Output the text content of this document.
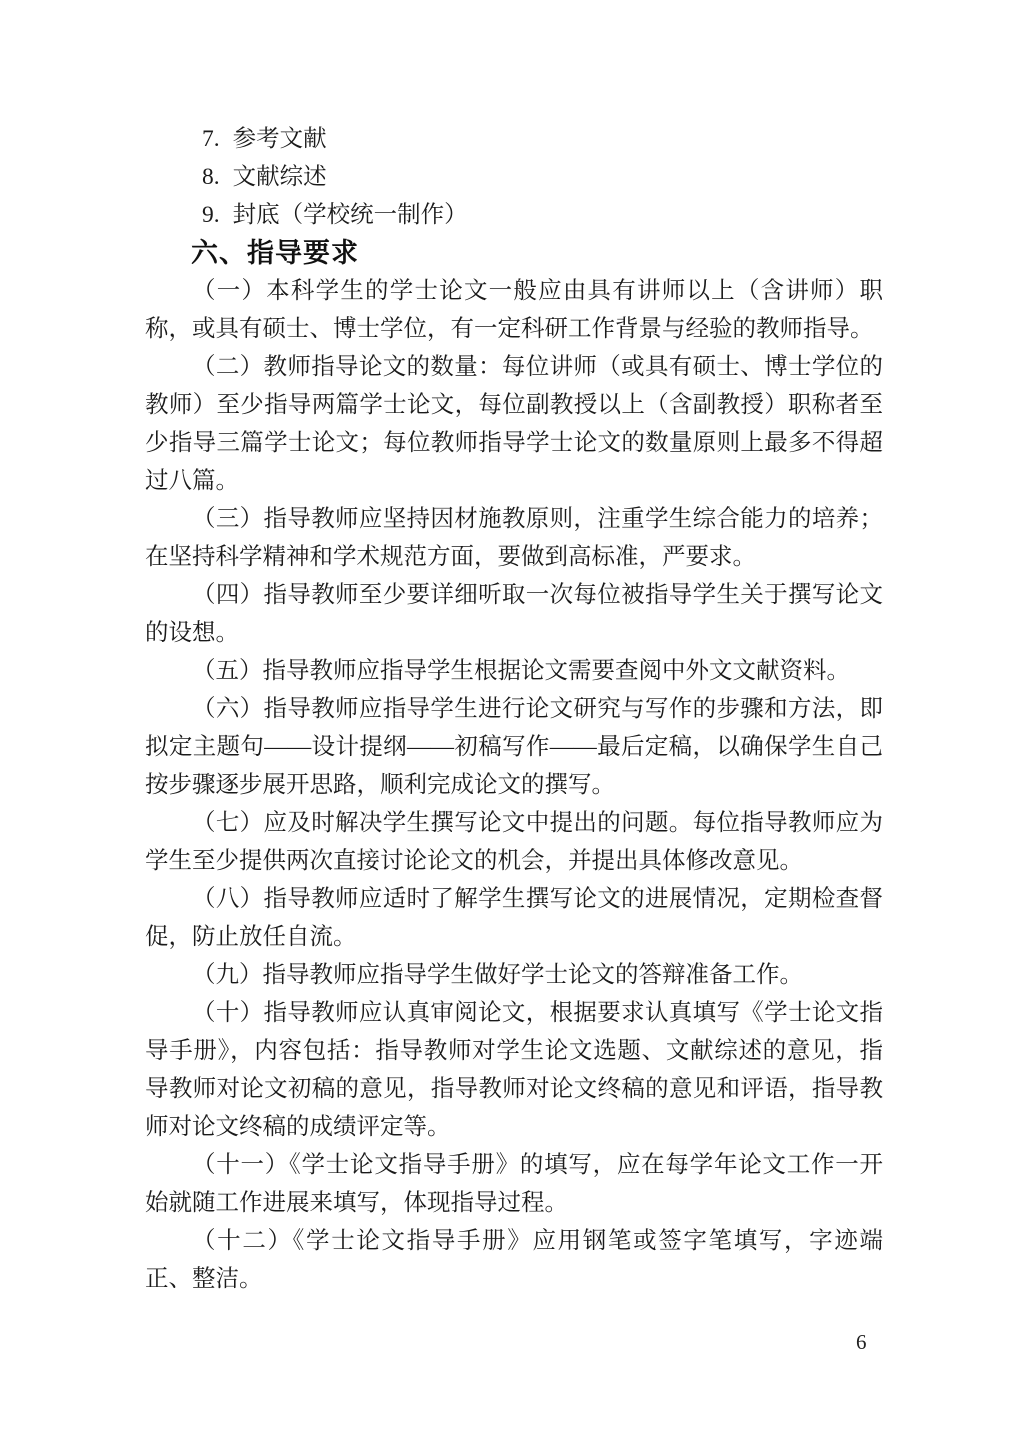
7. 参考文献
8. 文献综述
9. 封底（学校统一制作）
六、指导要求

（一）本科学生的学士论文一般应由具有讲师以上（含讲师）职称，或具有硕士、博士学位，有一定科研工作背景与经验的教师指导。

（二）教师指导论文的数量：每位讲师（或具有硕士、博士学位的教师）至少指导两篇学士论文，每位副教授以上（含副教授）职称者至少指导三篇学士论文；每位教师指导学士论文的数量原则上最多不得超过八篇。

（三）指导教师应坚持因材施教原则，注重学生综合能力的培养；在坚持科学精神和学术规范方面，要做到高标准，严要求。

（四）指导教师至少要详细听取一次每位被指导学生关于撰写论文的设想。

（五）指导教师应指导学生根据论文需要查阅中外文文献资料。

（六）指导教师应指导学生进行论文研究与写作的步骤和方法，即拟定主题句——设计提纲——初稿写作——最后定稿，以确保学生自己按步骤逐步展开思路，顺利完成论文的撰写。

（七）应及时解决学生撰写论文中提出的问题。每位指导教师应为学生至少提供两次直接讨论论文的机会，并提出具体修改意见。

（八）指导教师应适时了解学生撰写论文的进展情况，定期检查督促，防止放任自流。

（九）指导教师应指导学生做好学士论文的答辩准备工作。

（十）指导教师应认真审阅论文，根据要求认真填写《学士论文指导手册》，内容包括：指导教师对学生论文选题、文献综述的意见，指导教师对论文初稿的意见，指导教师对论文终稿的意见和评语，指导教师对论文终稿的成绩评定等。

（十一）《学士论文指导手册》的填写，应在每学年论文工作一开始就随工作进展来填写，体现指导过程。

（十二）《学士论文指导手册》应用钢笔或签字笔填写，字迹端正、整洁。

6
